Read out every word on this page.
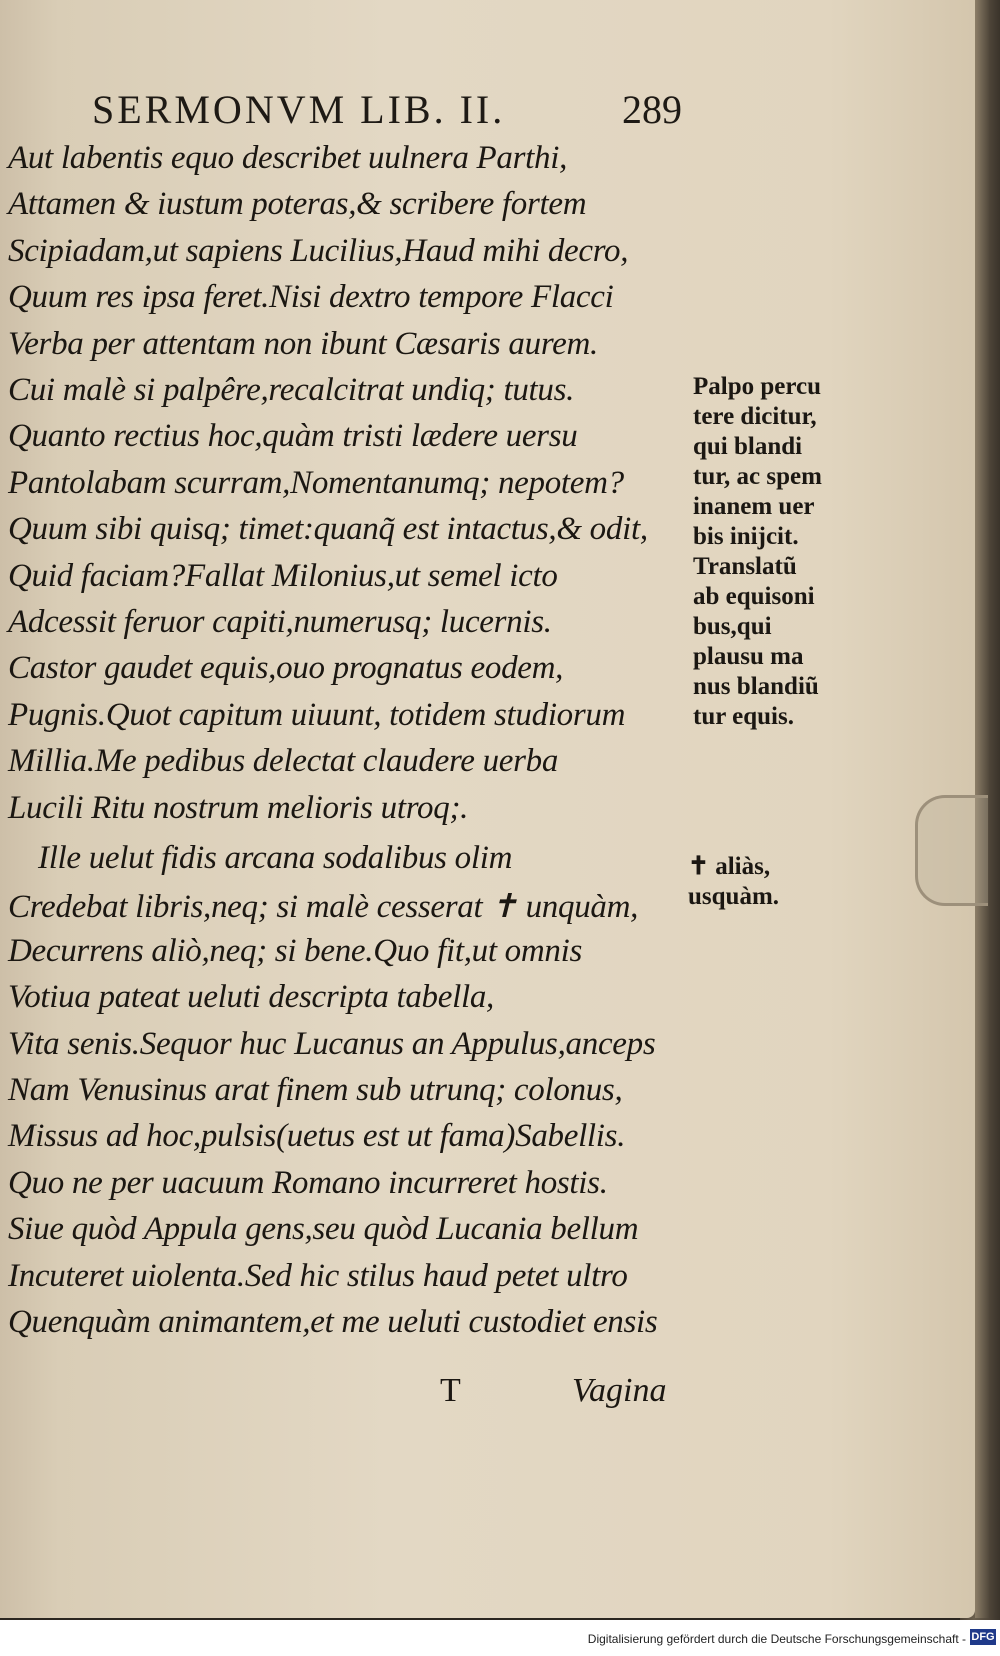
SERMONVM LIB. II.	289
Aut labentis equo describet uulnera Parthi,
Attamen & iustum poteras,& scribere fortem
Scipiadam,ut sapiens Lucilius,Haud mihi decro,
Quum res ipsa feret.Nisi dextro tempore Flacci
Verba per attentam non ibunt Cæsaris aurem.
Cui malè si palpêre,recalcitrat undiq; tutus.
Quanto rectius hoc,quàm tristi lædere uersu
Pantolabam scurram,Nomentanumq; nepotem?
Quum sibi quisq; timet:quanq̃ est intactus,& odit,
Quid faciam?Fallat Milonius,ut semel icto
Adcessit feruor capiti,numerusq; lucernis.
Castor gaudet equis,ouo prognatus eodem,
Pugnis.Quot capitum uiuunt, totidem studiorum
Millia.Me pedibus delectat claudere uerba
Lucili Ritu nostrum melioris utroq;.
Ille uelut fidis arcana sodalibus olim
Credebat libris,neq; si malè cesserat ✝ unquàm,
Decurrens aliò,neq; si bene.Quo fit,ut omnis
Votiua pateat ueluti descripta tabella,
Vita senis.Sequor huc Lucanus an Appulus,anceps
Nam Venusinus arat finem sub utrunq; colonus,
Missus ad hoc,pulsis(uetus est ut fama)Sabellis.
Quo ne per uacuum Romano incurreret hostis.
Siue quòd Appula gens,seu quòd Lucania bellum
Incuteret uiolenta.Sed hic stilus haud petet ultro
Quenquàm animantem,et me ueluti custodiet ensis
Palpo percu
tere dicitur,
qui blandi
tur, ac spem
inanem uer
bis inijcit.
Translatũ
ab equisoni
bus,qui
plausu ma
nus blandiũ
tur equis.
✝ aliàs,
usquàm.
T	Vagina
Digitalisierung gefördert durch die Deutsche Forschungsgemeinschaft - DFG
